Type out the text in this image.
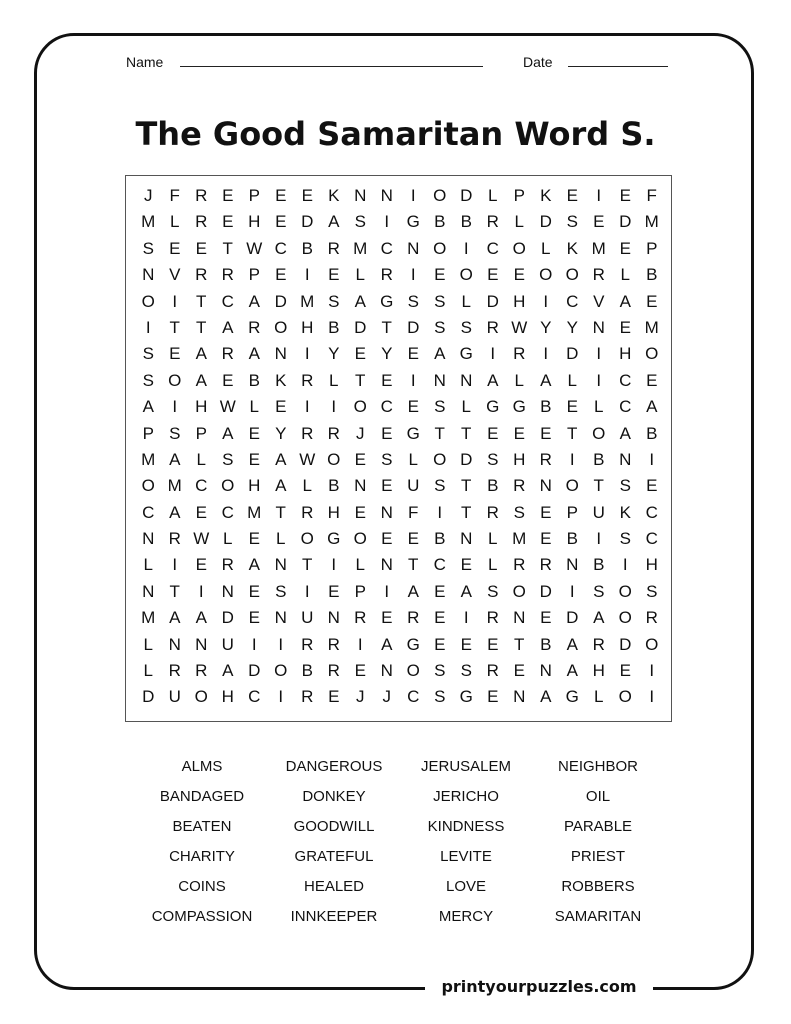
printyourpuzzles.com
Name	Date
The Good Samaritan Word S.
J	F R E P E E K N N	I	O D L P K E	I	E F
M L R E H E D A S	I	G B B R L D S E D M
S E E T W C B R M C N O	I	C O L K M E P
N V R R P E	I	E L R	I	E O E E O O R L B
O	I	T C A D M S A G S S L D H	I	C V A E
I	T T A R O H B D T D S S R W Y Y N E M
S E A R A N	I	Y E Y E A G	I	R	I	D	I	H O
S O A E B K R L T E	I	N N A L A L	I	C E
A	I	H W L E	I	I	O C E S L G G B E L C A
P S P A E Y R R J E G T T E E E T O A B
M A L S E A W O E S L O D S H R	I	B N	I
O M C O H A L B N E U S T B R N O T S E
C A E C M T R H E N F	I	T R S E P U K C
N R W L E L O G O E E B N L M E B	I	S C
L	I	E R A N T	I	L N T C E L R R N B	I	H
N T	I	N E S	I	E P	I	A E A S O D	I	S O S
M A A D E N U N R E R E	I	R N E D A O R
L N N U	I	I	R R	I	A G E E E T B A R D O
L R R A D O B R E N O S S R E N A H E	I
D U O H C	I	R E J	J C S G E N A G L O	I
ALMS	DANGEROUS	JERUSALEM	NEIGHBOR
BANDAGED	DONKEY	JERICHO	OIL
BEATEN	GOODWILL	KINDNESS	PARABLE
CHARITY	GRATEFUL	LEVITE	PRIEST
COINS	HEALED	LOVE	ROBBERS
COMPASSION	INNKEEPER	MERCY	SAMARITAN
